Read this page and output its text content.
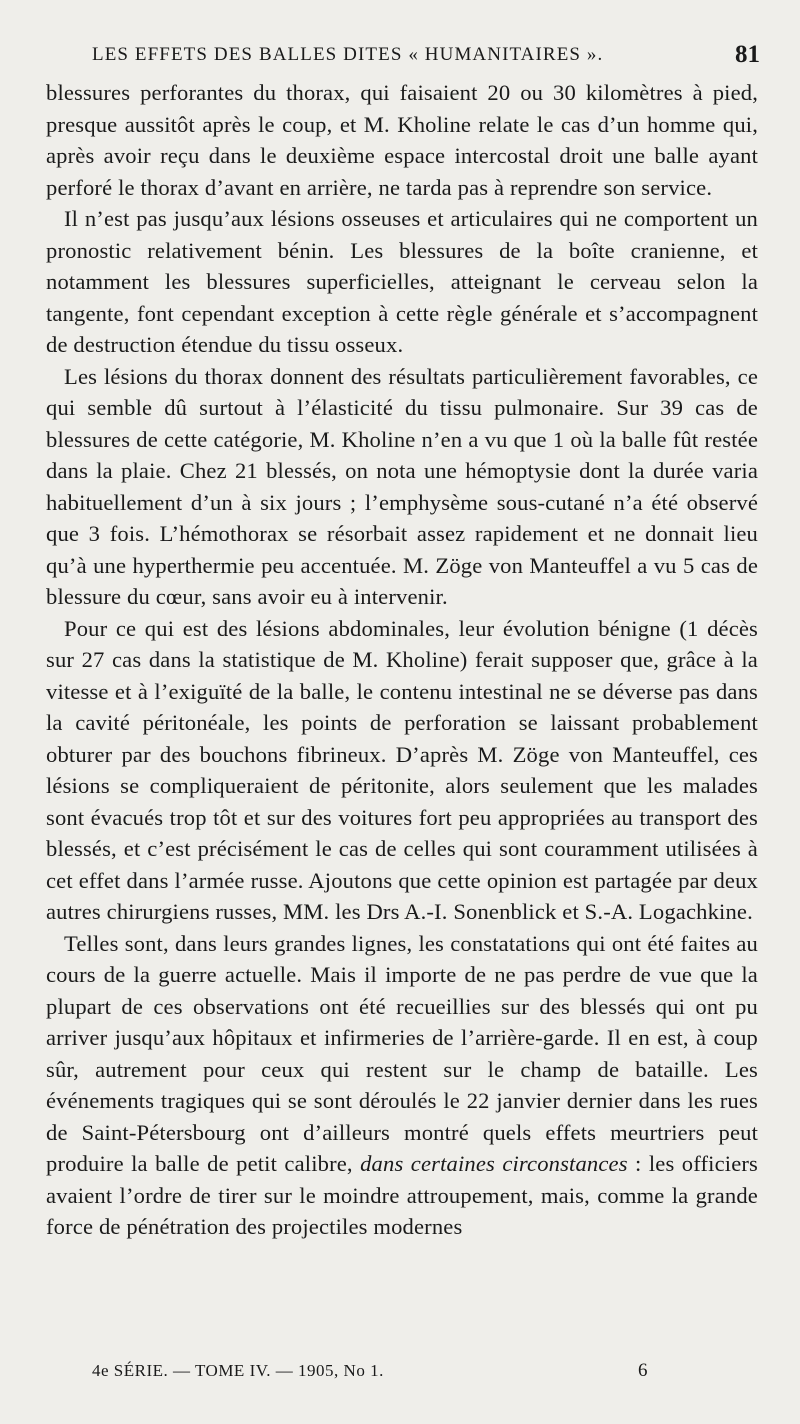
LES EFFETS DES BALLES DITES « HUMANITAIRES ».	81

blessures perforantes du thorax, qui faisaient 20 ou 30 kilomètres à pied, presque aussitôt après le coup, et M. Kholine relate le cas d’un homme qui, après avoir reçu dans le deuxième espace intercostal droit une balle ayant perforé le thorax d’avant en arrière, ne tarda pas à reprendre son service.

Il n’est pas jusqu’aux lésions osseuses et articulaires qui ne comportent un pronostic relativement bénin. Les blessures de la boîte cranienne, et notamment les blessures superficielles, atteignant le cerveau selon la tangente, font cependant exception à cette règle générale et s’accompagnent de destruction étendue du tissu osseux.

Les lésions du thorax donnent des résultats particulièrement favorables, ce qui semble dû surtout à l’élasticité du tissu pulmonaire. Sur 39 cas de blessures de cette catégorie, M. Kholine n’en a vu que 1 où la balle fût restée dans la plaie. Chez 21 blessés, on nota une hémoptysie dont la durée varia habituellement d’un à six jours ; l’emphysème sous-cutané n’a été observé que 3 fois. L’hémothorax se résorbait assez rapidement et ne donnait lieu qu’à une hyperthermie peu accentuée. M. Zöge von Manteuffel a vu 5 cas de blessure du cœur, sans avoir eu à intervenir.

Pour ce qui est des lésions abdominales, leur évolution bénigne (1 décès sur 27 cas dans la statistique de M. Kholine) ferait supposer que, grâce à la vitesse et à l’exiguïté de la balle, le contenu intestinal ne se déverse pas dans la cavité péritonéale, les points de perforation se laissant probablement obturer par des bouchons fibrineux. D’après M. Zöge von Manteuffel, ces lésions se compliqueraient de péritonite, alors seulement que les malades sont évacués trop tôt et sur des voitures fort peu appropriées au transport des blessés, et c’est précisément le cas de celles qui sont couramment utilisées à cet effet dans l’armée russe. Ajoutons que cette opinion est partagée par deux autres chirurgiens russes, MM. les Drs A.-I. Sonenblick et S.-A. Logachkine.

Telles sont, dans leurs grandes lignes, les constatations qui ont été faites au cours de la guerre actuelle. Mais il importe de ne pas perdre de vue que la plupart de ces observations ont été recueillies sur des blessés qui ont pu arriver jusqu’aux hôpitaux et infirmeries de l’arrière-garde. Il en est, à coup sûr, autrement pour ceux qui restent sur le champ de bataille. Les événements tragiques qui se sont déroulés le 22 janvier dernier dans les rues de Saint-Pétersbourg ont d’ailleurs montré quels effets meurtriers peut produire la balle de petit calibre, dans certaines circonstances : les officiers avaient l’ordre de tirer sur le moindre attroupement, mais, comme la grande force de pénétration des projectiles modernes

4e SÉRIE. — TOME IV. — 1905, No 1.	6
